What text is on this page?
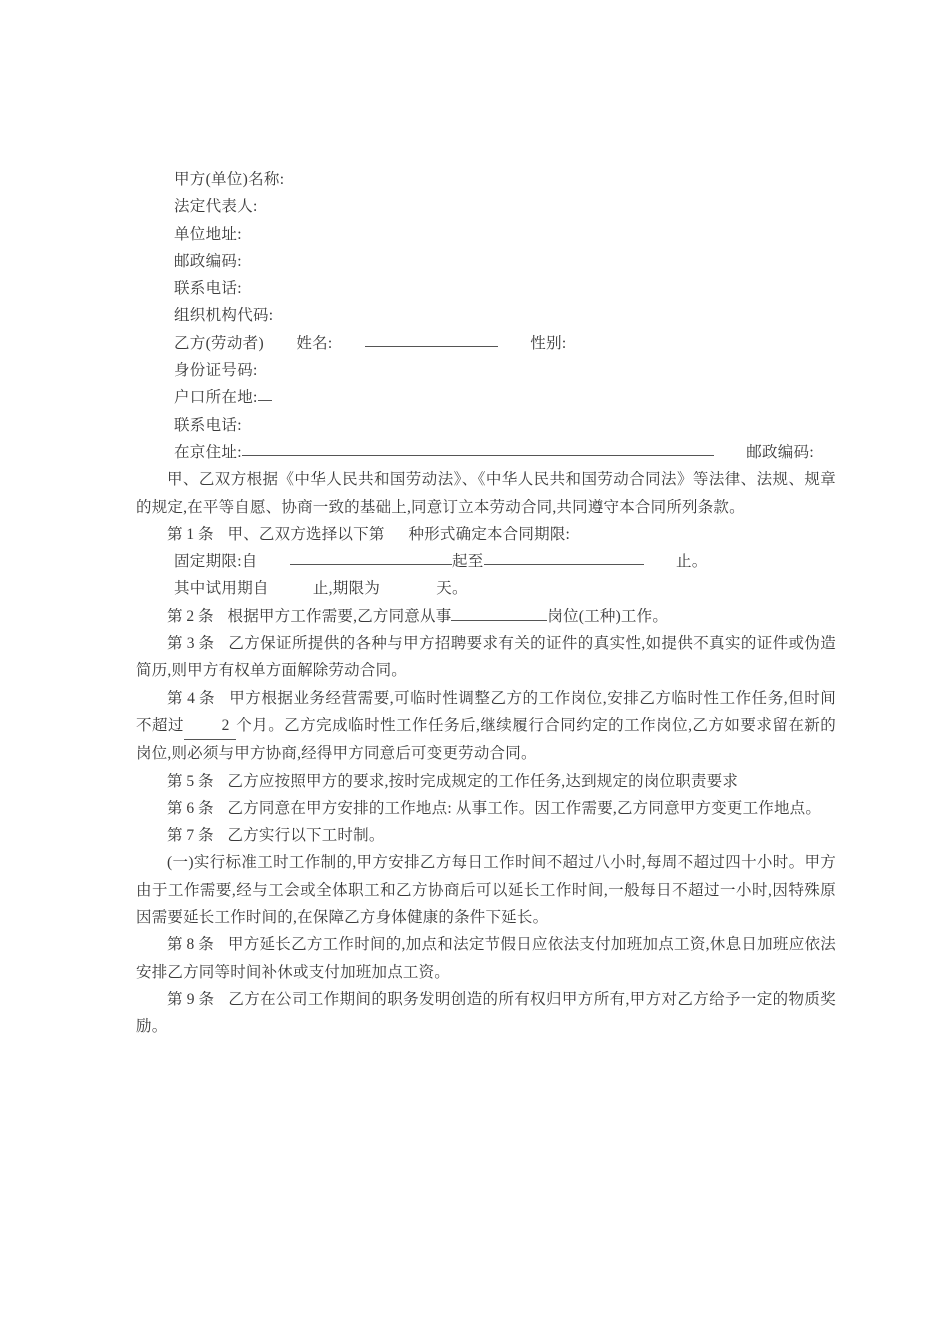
甲方(单位)名称:
法定代表人:
单位地址:
邮政编码:
联系电话:
组织机构代码:
乙方(劳动者) 姓名:	性别:
身份证号码:
户口所在地:
联系电话:
在京住址:	邮政编码:

甲、乙双方根据《中华人民共和国劳动法》、《中华人民共和国劳动合同法》等法律、法规、规章的规定,在平等自愿、协商一致的基础上,同意订立本劳动合同,共同遵守本合同所列条款。

第 1 条 甲、乙双方选择以下第 种形式确定本合同期限:

固定期限:自	起至	止。
其中试用期自	止,期限为	天。

第 2 条 根据甲方工作需要,乙方同意从事	岗位(工种)工作。

第 3 条 乙方保证所提供的各种与甲方招聘要求有关的证件的真实性,如提供不真实的证件或伪造简历,则甲方有权单方面解除劳动合同。

第 4 条 甲方根据业务经营需要,可临时性调整乙方的工作岗位,安排乙方临时性工作任务,但时间不超过 2 个月。乙方完成临时性工作任务后,继续履行合同约定的工作岗位,乙方如要求留在新的岗位,则必须与甲方协商,经得甲方同意后可变更劳动合同。

第 5 条 乙方应按照甲方的要求,按时完成规定的工作任务,达到规定的岗位职责要求

第 6 条 乙方同意在甲方安排的工作地点: 从事工作。因工作需要,乙方同意甲方变更工作地点。

第 7 条 乙方实行以下工时制。

(一)实行标准工时工作制的,甲方安排乙方每日工作时间不超过八小时,每周不超过四十小时。甲方由于工作需要,经与工会或全体职工和乙方协商后可以延长工作时间,一般每日不超过一小时,因特殊原因需要延长工作时间的,在保障乙方身体健康的条件下延长。

第 8 条 甲方延长乙方工作时间的,加点和法定节假日应依法支付加班加点工资,休息日加班应依法安排乙方同等时间补休或支付加班加点工资。

第 9 条 乙方在公司工作期间的职务发明创造的所有权归甲方所有,甲方对乙方给予一定的物质奖励。
